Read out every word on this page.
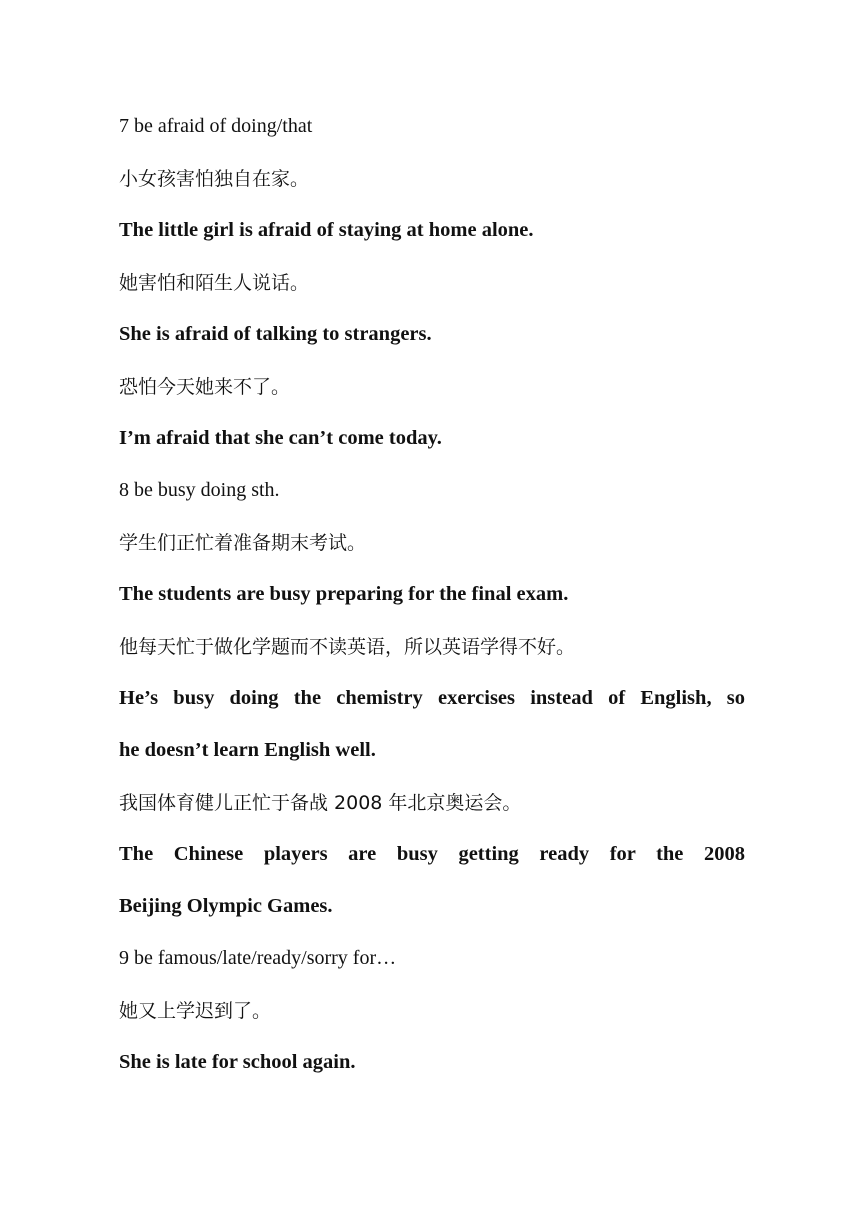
7 be afraid of doing/that
小女孩害怕独自在家。
The little girl is afraid of staying at home alone.
她害怕和陌生人说话。
She is afraid of talking to strangers.
恐怕今天她来不了。
I’m afraid that she can’t come today.
8 be busy doing sth.
学生们正忙着准备期末考试。
The students are busy preparing for the final exam.
他每天忙于做化学题而不读英语，所以英语学得不好。
He’s busy doing the chemistry exercises instead of English, so
he doesn’t learn English well.
我国体育健儿正忙于备战 2008 年北京奥运会。
The Chinese players are busy getting ready for the 2008
Beijing Olympic Games.
9 be famous/late/ready/sorry for…
她又上学迟到了。
She is late for school again.
